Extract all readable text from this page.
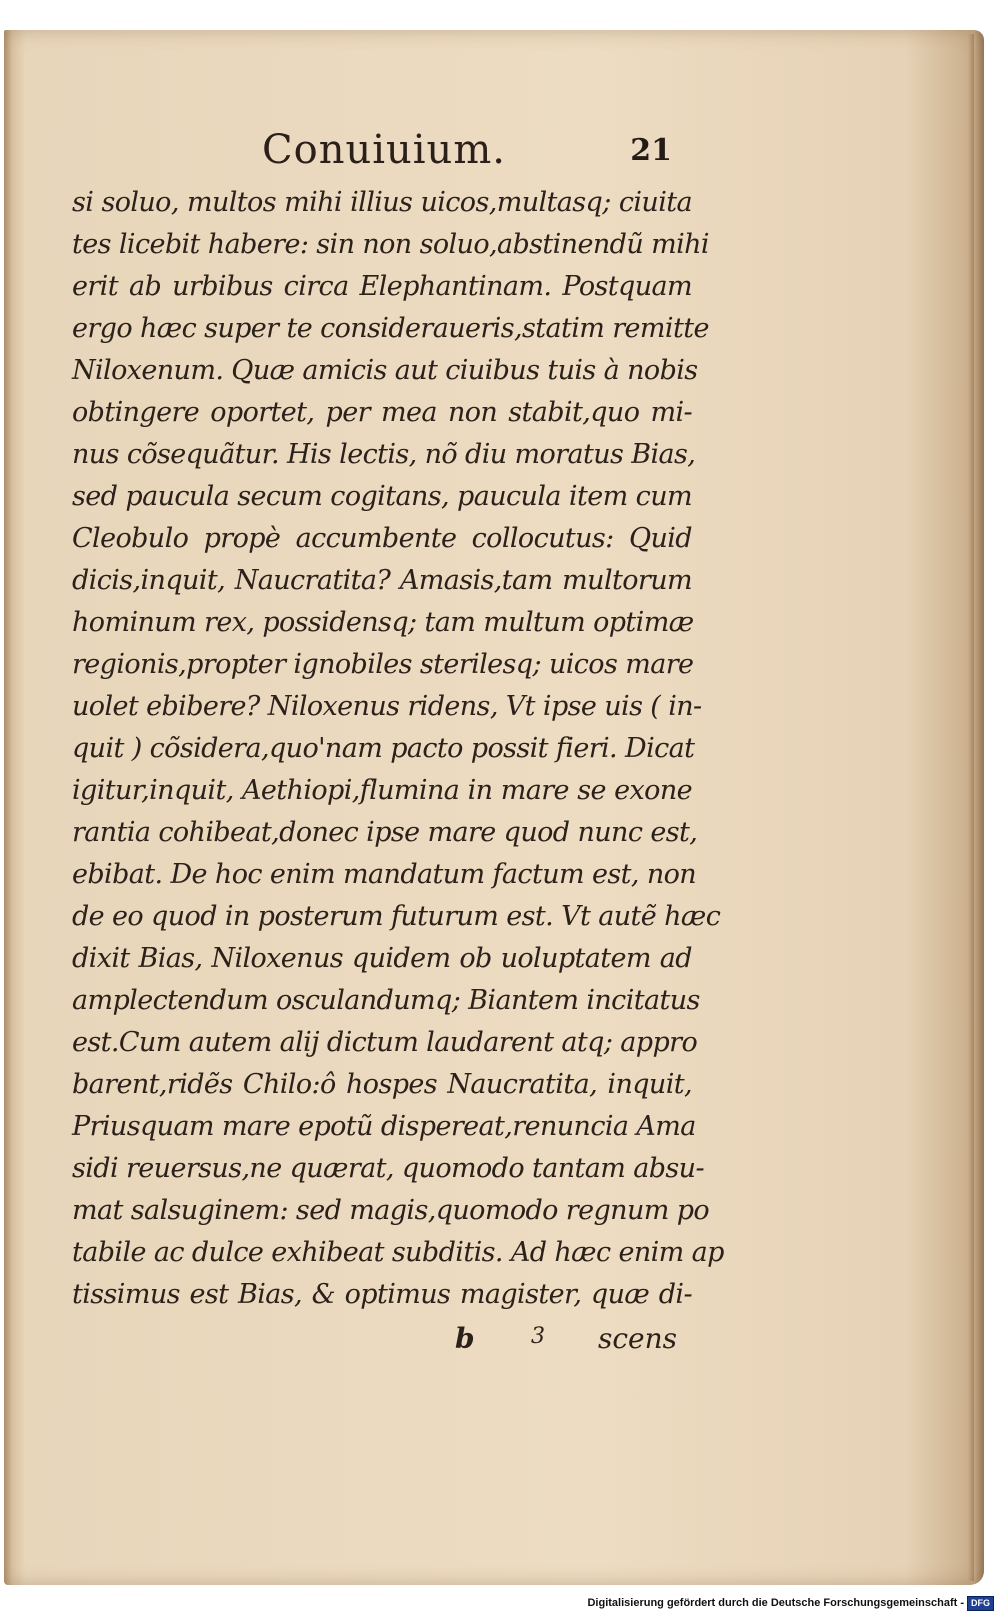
Conuiuium.	21
si soluo, multos mihi illius uicos,multasq; ciuita
tes licebit habere: sin non soluo,abstinendũ mihi
erit ab urbibus circa Elephantinam. Postquam
ergo hæc super te consideraueris,statim remitte
Niloxenum. Quæ amicis aut ciuibus tuis à nobis
obtingere oportet, per mea non stabit,quo mi-
nus cõsequãtur. His lectis, nõ diu moratus Bias,
sed paucula secum cogitans, paucula item cum
Cleobulo propè accumbente collocutus: Quid
dicis,inquit, Naucratita? Amasis,tam multorum
hominum rex, possidensq; tam multum optimæ
regionis,propter ignobiles sterilesq; uicos mare
uolet ebibere? Niloxenus ridens, Vt ipse uis ( in-
quit ) cõsidera,quo'nam pacto possit fieri. Dicat
igitur,inquit, Aethiopi,flumina in mare se exone
rantia cohibeat,donec ipse mare quod nunc est,
ebibat. De hoc enim mandatum factum est, non
de eo quod in posterum futurum est. Vt autẽ hæc
dixit Bias, Niloxenus quidem ob uoluptatem ad
amplectendum osculandumq; Biantem incitatus
est.Cum autem alij dictum laudarent atq; appro
barent,ridẽs Chilo:ô hospes Naucratita, inquit,
Priusquam mare epotũ dispereat,renuncia Ama
sidi reuersus,ne quærat, quomodo tantam absu-
mat salsuginem: sed magis,quomodo regnum po
tabile ac dulce exhibeat subditis. Ad hæc enim ap
tissimus est Bias, & optimus magister, quæ di-
b	3 scens
Digitalisierung gefördert durch die Deutsche Forschungsgemeinschaft - DFG
